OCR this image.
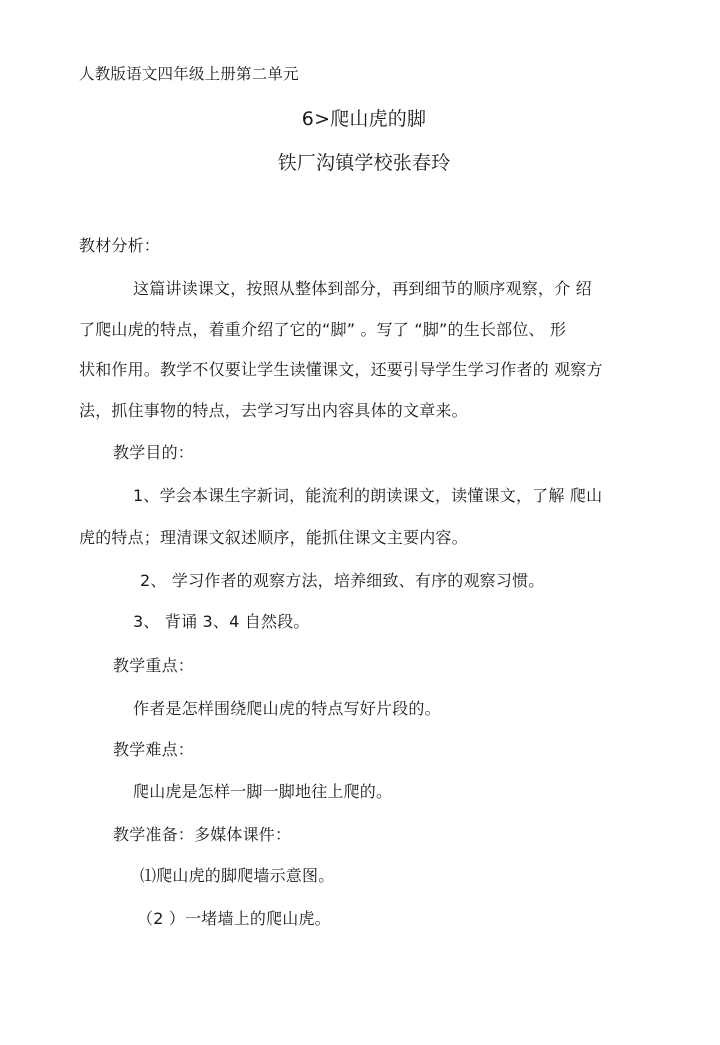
人教版语文四年级上册第二单元
6>爬山虎的脚
铁厂沟镇学校张春玲
教材分析：
这篇讲读课文，按照从整体到部分，再到细节的顺序观察，介 绍
了爬山虎的特点，着重介绍了它的“脚” 。写了 “脚”的生长部位、 形
状和作用。教学不仅要让学生读懂课文，还要引导学生学习作者的 观察方
法，抓住事物的特点，去学习写出内容具体的文章来。
教学目的：
1、学会本课生字新词，能流利的朗读课文，读懂课文，了解 爬山
虎的特点；理清课文叙述顺序，能抓住课文主要内容。
2、 学习作者的观察方法，培养细致、有序的观察习惯。
3、 背诵 3、4 自然段。
教学重点：
作者是怎样围绕爬山虎的特点写好片段的。
教学难点：
爬山虎是怎样一脚一脚地往上爬的。
教学准备：多媒体课件：
⑴爬山虎的脚爬墙示意图。
（2 ）一堵墙上的爬山虎。
